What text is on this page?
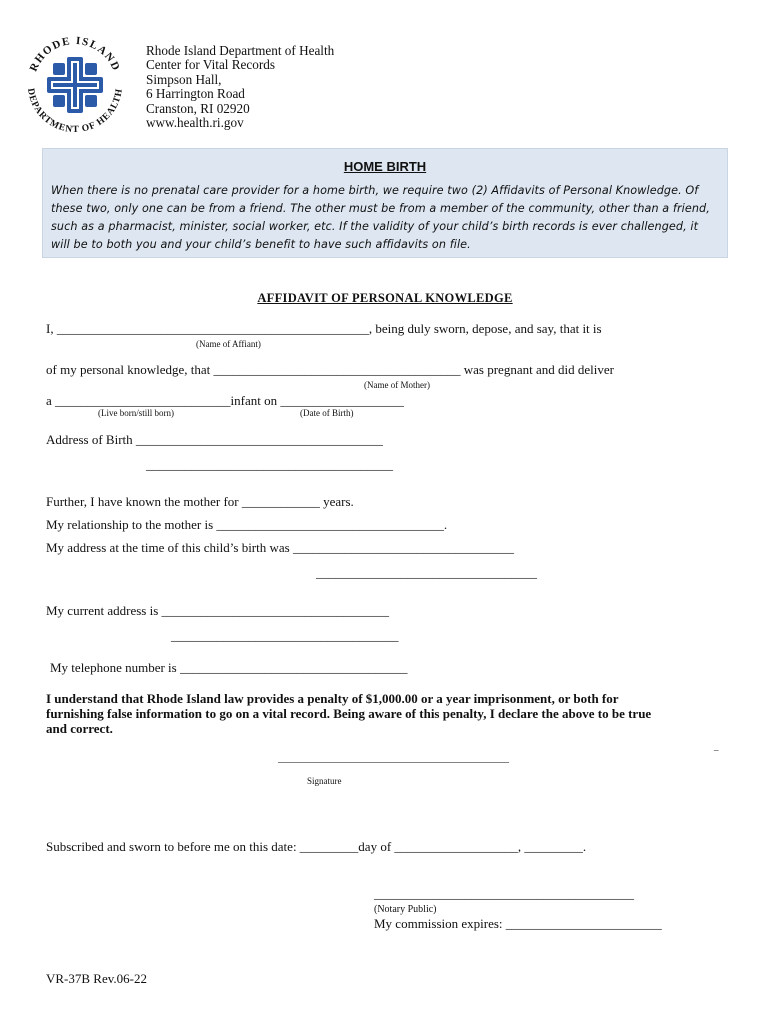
RHODE ISLAND
DEPARTMENT OF HEALTH
Rhode Island Department of Health
Center for Vital Records
Simpson Hall,
6 Harrington Road
Cranston, RI 02920
www.health.ri.gov
HOME BIRTH
When there is no prenatal care provider for a home birth, we require two (2) Affidavits of Personal Knowledge. Of
these two, only one can be from a friend. The other must be from a member of the community, other than a friend,
such as a pharmacist, minister, social worker, etc. If the validity of your child’s birth records is ever challenged, it
will be to both you and your child’s benefit to have such affidavits on file.
AFFIDAVIT OF PERSONAL KNOWLEDGE
I, ________________________________________________, being duly sworn, depose, and say, that it is
(Name of Affiant)
of my personal knowledge, that ______________________________________ was pregnant and did deliver
(Name of Mother)
a ___________________________infant on ___________________
(Live born/still born)	(Date of Birth)
Address of Birth ______________________________________
______________________________________
Further, I have known the mother for ____________ years.
My relationship to the mother is ___________________________________.
My address at the time of this child’s birth was __________________________________
__________________________________
My current address is ___________________________________
___________________________________
My telephone number is ___________________________________
I understand that Rhode Island law provides a penalty of $1,000.00 or a year imprisonment, or both for
furnishing false information to go on a vital record. Being aware of this penalty, I declare the above to be true
and correct.
_
__________________________________________
Signature
Subscribed and sworn to before me on this date: _________day of ___________________, _________.
________________________________________
(Notary Public)
My commission expires: ________________________
VR-37B Rev.06-22
